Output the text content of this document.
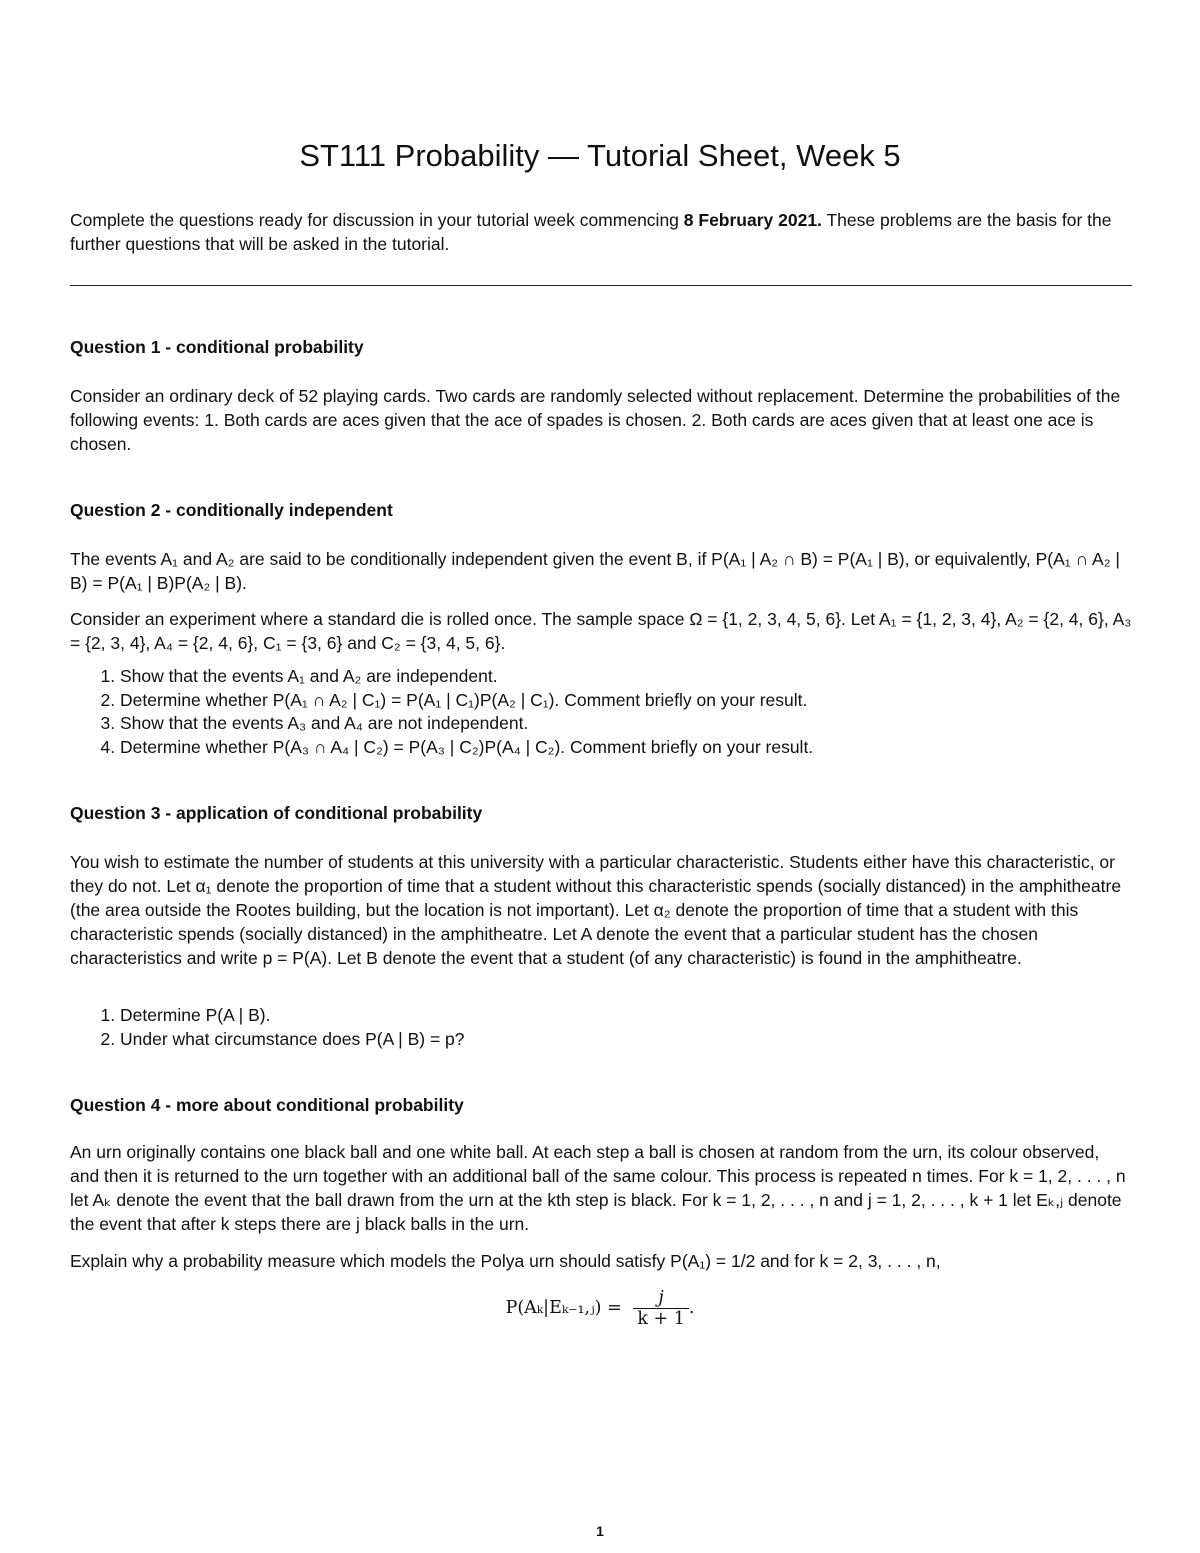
ST111 Probability — Tutorial Sheet, Week 5
Complete the questions ready for discussion in your tutorial week commencing 8 February 2021. These problems are the basis for the further questions that will be asked in the tutorial.
Question 1 - conditional probability
Consider an ordinary deck of 52 playing cards. Two cards are randomly selected without replacement. Determine the probabilities of the following events: 1. Both cards are aces given that the ace of spades is chosen. 2. Both cards are aces given that at least one ace is chosen.
Question 2 - conditionally independent
The events A₁ and A₂ are said to be conditionally independent given the event B, if P(A₁ | A₂ ∩ B) = P(A₁ | B), or equivalently, P(A₁ ∩ A₂ | B) = P(A₁ | B)P(A₂ | B).
Consider an experiment where a standard die is rolled once. The sample space Ω = {1, 2, 3, 4, 5, 6}. Let A₁ = {1, 2, 3, 4}, A₂ = {2, 4, 6}, A₃ = {2, 3, 4}, A₄ = {2, 4, 6}, C₁ = {3, 6} and C₂ = {3, 4, 5, 6}.
1. Show that the events A₁ and A₂ are independent.
2. Determine whether P(A₁ ∩ A₂ | C₁) = P(A₁ | C₁)P(A₂ | C₁). Comment briefly on your result.
3. Show that the events A₃ and A₄ are not independent.
4. Determine whether P(A₃ ∩ A₄ | C₂) = P(A₃ | C₂)P(A₄ | C₂). Comment briefly on your result.
Question 3 - application of conditional probability
You wish to estimate the number of students at this university with a particular characteristic. Students either have this characteristic, or they do not. Let α₁ denote the proportion of time that a student without this characteristic spends (socially distanced) in the amphitheatre (the area outside the Rootes building, but the location is not important). Let α₂ denote the proportion of time that a student with this characteristic spends (socially distanced) in the amphitheatre. Let A denote the event that a particular student has the chosen characteristics and write p = P(A). Let B denote the event that a student (of any characteristic) is found in the amphitheatre.
1. Determine P(A | B).
2. Under what circumstance does P(A | B) = p?
Question 4 - more about conditional probability
An urn originally contains one black ball and one white ball. At each step a ball is chosen at random from the urn, its colour observed, and then it is returned to the urn together with an additional ball of the same colour. This process is repeated n times. For k = 1, 2, . . . , n let Aₖ denote the event that the ball drawn from the urn at the kth step is black. For k = 1, 2, . . . , n and j = 1, 2, . . . , k + 1 let Eₖ,ⱼ denote the event that after k steps there are j black balls in the urn.
Explain why a probability measure which models the Polya urn should satisfy P(A₁) = 1/2 and for k = 2, 3, . . . , n,
P(Aₖ|Eₖ₋₁,ⱼ) = $\frac{j}{k + 1}$ .
1
